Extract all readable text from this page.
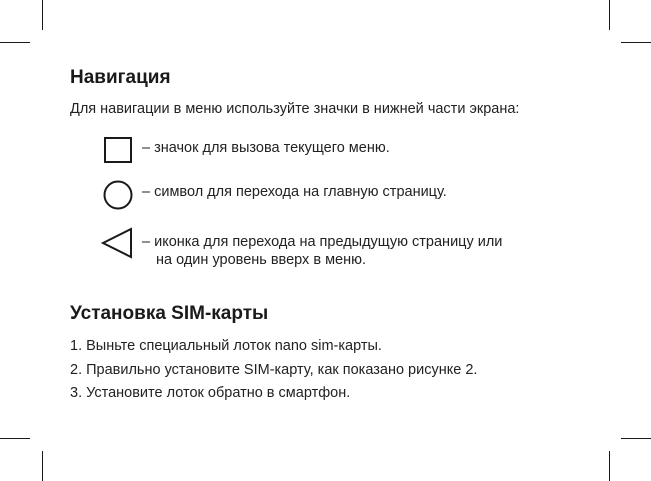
Навигация
Для навигации в меню используйте значки в нижней части экрана:
– значок для вызова текущего меню.
– символ для перехода на главную страницу.
– иконка для перехода на предыдущую страницу или
на один уровень вверх в меню.
Установка SIM-карты
1. Выньте специальный лоток nano sim-карты.
2. Правильно установите SIM-карту, как показано рисунке 2.
3. Установите лоток обратно в смартфон.
